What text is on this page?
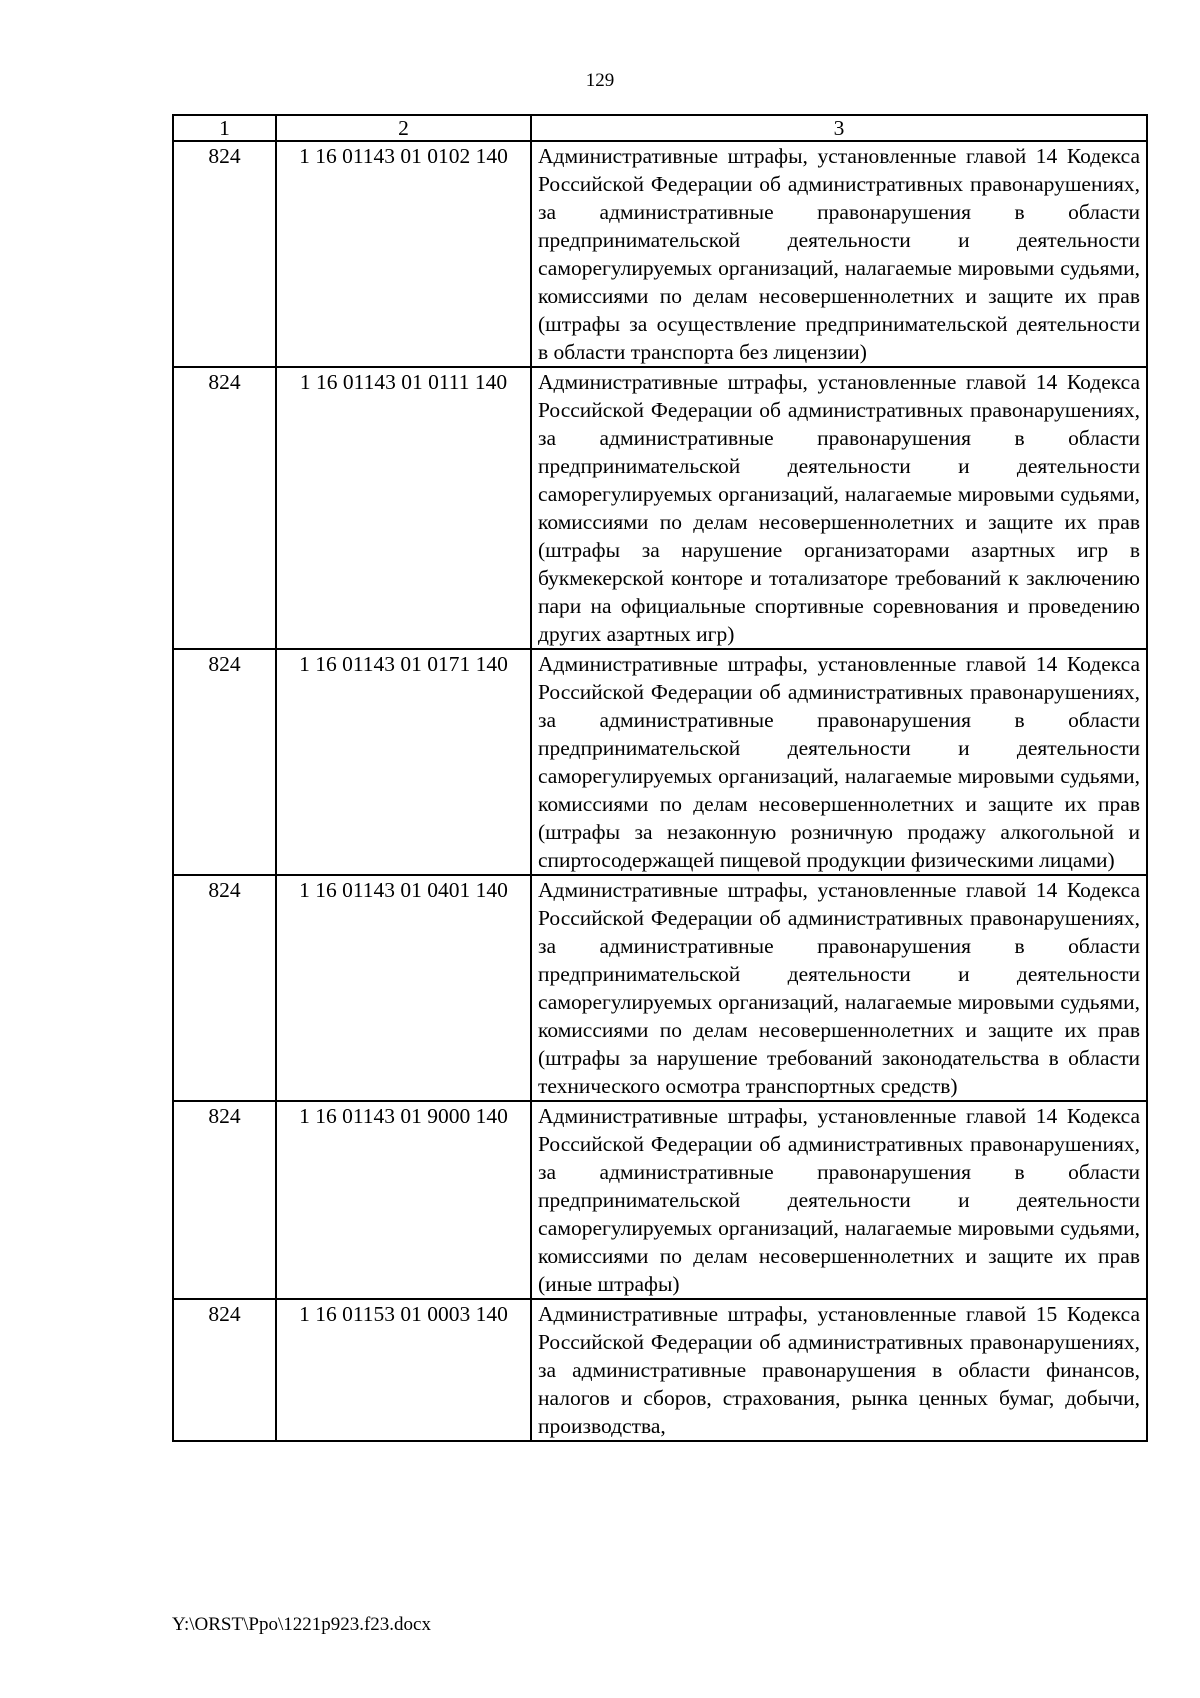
129
1	2	3
824	1 16 01143 01 0102 140	Административные штрафы, установленные главой 14 Кодекса Российской Федерации об административных правонарушениях, за административные правонарушения в области предпринимательской деятельности и деятельности саморегулируемых организаций, налагаемые мировыми судьями, комиссиями по делам несовершеннолетних и защите их прав (штрафы за осуществление предпринимательской деятельности в области транспорта без лицензии)
824	1 16 01143 01 0111 140	Административные штрафы, установленные главой 14 Кодекса Российской Федерации об административных правонарушениях, за административные правонарушения в области предпринимательской деятельности и деятельности саморегулируемых организаций, налагаемые мировыми судьями, комиссиями по делам несовершеннолетних и защите их прав (штрафы за нарушение организаторами азартных игр в букмекерской конторе и тотализаторе требований к заключению пари на официальные спортивные соревнования и проведению других азартных игр)
824	1 16 01143 01 0171 140	Административные штрафы, установленные главой 14 Кодекса Российской Федерации об административных правонарушениях, за административные правонарушения в области предпринимательской деятельности и деятельности саморегулируемых организаций, налагаемые мировыми судьями, комиссиями по делам несовершеннолетних и защите их прав (штрафы за незаконную розничную продажу алкогольной и спиртосодержащей пищевой продукции физическими лицами)
824	1 16 01143 01 0401 140	Административные штрафы, установленные главой 14 Кодекса Российской Федерации об административных правонарушениях, за административные правонарушения в области предпринимательской деятельности и деятельности саморегулируемых организаций, налагаемые мировыми судьями, комиссиями по делам несовершеннолетних и защите их прав (штрафы за нарушение требований законодательства в области технического осмотра транспортных средств)
824	1 16 01143 01 9000 140	Административные штрафы, установленные главой 14 Кодекса Российской Федерации об административных правонарушениях, за административные правонарушения в области предпринимательской деятельности и деятельности саморегулируемых организаций, налагаемые мировыми судьями, комиссиями по делам несовершеннолетних и защите их прав (иные штрафы)
824	1 16 01153 01 0003 140	Административные штрафы, установленные главой 15 Кодекса Российской Федерации об административных правонарушениях, за административные правонарушения в области финансов, налогов и сборов, страхования, рынка ценных бумаг, добычи, производства,
Y:\ORST\Ppo\1221p923.f23.docx
